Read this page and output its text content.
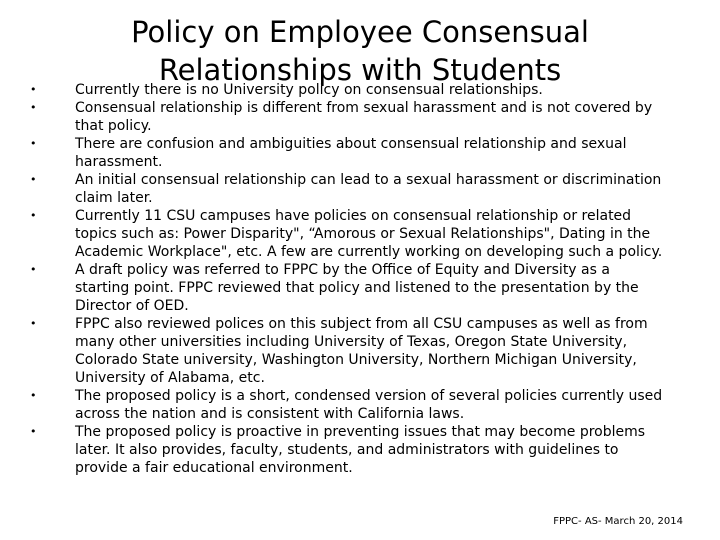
Policy on Employee Consensual
Relationships with Students
•	Currently there is no University policy on consensual relationships.
•	Consensual relationship is different from sexual harassment and is not covered by
that policy.
•	There are confusion and ambiguities about consensual relationship and sexual
harassment.
•	An initial consensual relationship can lead to a sexual harassment or discrimination
claim later.
•	Currently 11 CSU campuses have policies on consensual relationship or related
topics such as: Power Disparity", “Amorous or Sexual Relationships", Dating in the
Academic Workplace", etc. A few are currently working on developing such a policy.
•	A draft policy was referred to FPPC by the Office of Equity and Diversity as a
starting point. FPPC reviewed that policy and listened to the presentation by the
Director of OED.
•	FPPC also reviewed polices on this subject from all CSU campuses as well as from
many other universities including University of Texas, Oregon State University,
Colorado State university, Washington University, Northern Michigan University,
University of Alabama, etc.
•	The proposed policy is a short, condensed version of several policies currently used
across the nation and is consistent with California laws.
•	The proposed policy is proactive in preventing issues that may become problems
later. It also provides, faculty, students, and administrators with guidelines to
provide a fair educational environment.
FPPC- AS- March 20, 2014
